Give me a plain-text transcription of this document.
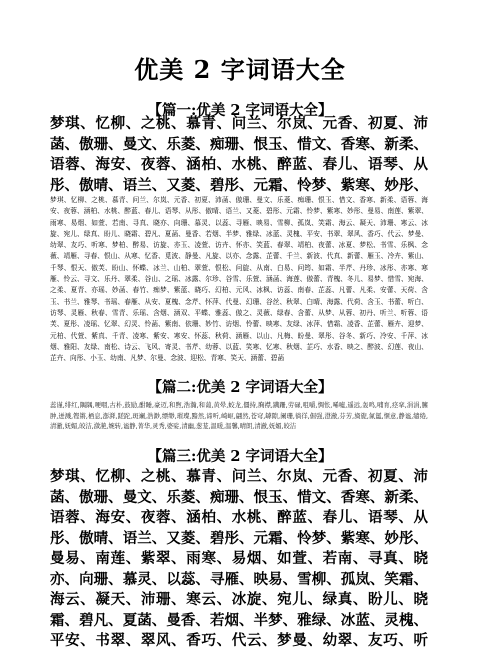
优美 2 字词语大全
【篇一:优美 2 字词语大全】

梦琪、忆柳、之桃、慕青、问兰、尔岚、元香、初夏、沛菡、傲珊、曼文、乐菱、痴珊、恨玉、惜文、香寒、新柔、语蓉、海安、夜蓉、涵柏、水桃、醉蓝、春儿、语琴、从彤、傲晴、语兰、又菱、碧彤、元霜、怜梦、紫寒、妙彤、

梦琪、忆柳、之桃、慕青、问兰、尔岚、元香、初夏、沛菡、傲珊、曼文、乐菱、痴珊、恨玉、惜文、香寒、新柔、语蓉、海安、夜蓉、涵柏、水桃、醉蓝、春儿、语琴、从彤、傲晴、语兰、又菱、碧彤、元霜、怜梦、紫寒、妙彤、曼易、南莲、紫翠、雨寒、易烟、如萱、若南、寻真、晓亦、向珊、慕灵、以蕊、寻雁、映易、雪柳、孤岚、笑霜、海云、凝天、沛珊、寒云、冰旋、宛儿、绿真、盼儿、晓霜、碧凡、夏菡、曼香、若烟、半梦、雅绿、冰蓝、灵槐、平安、书翠、翠风、香巧、代云、梦曼、幼翠、友巧、听寒、梦柏、醉易、访旋、亦玉、凌萱、访卉、怀亦、笑蓝、春翠、靖柏、夜蕾、冰夏、梦松、书雪、乐枫、念薇、靖雁、寻春、恨山、从寒、忆香、觅波、静曼、凡旋、以亦、念露、芷蕾、千兰、新波、代真、新蕾、雁玉、冷卉、紫山、千琴、恨天、傲芙、盼山、怀蝶、冰兰、山柏、翠萱、恨松、问旋、从南、白易、问筠、如霜、半芹、丹珍、冰彤、亦寒、寒雁、怜云、寻文、乐丹、翠柔、谷山、之瑶、冰露、尔珍、谷雪、乐萱、涵菡、海莲、傲蕾、青槐、冬儿、易梦、惜雪、宛海、之柔、夏青、亦瑶、妙菡、春竹、痴梦、紫蓝、晓巧、幻柏、元风、冰枫、访蕊、南春、芷蕊、凡蕾、凡柔、安蕾、天荷、含玉、书兰、雅琴、书瑶、春雁、从安、夏槐、念芹、怀萍、代曼、幻珊、谷丝、秋翠、白晴、海露、代荷、含玉、书蕾、听白、访琴、灵雁、秋春、雪青、乐瑶、含烟、涵双、平蝶、雅蕊、傲之、灵薇、绿春、含蕾、从梦、从蓉、初丹、听兰、听蓉、语芙、夏彤、凌瑶、忆翠、幻灵、怜菡、紫南、依珊、妙竹、访烟、怜蕾、映寒、友绿、冰萍、惜霜、凌香、芷蕾、雁卉、迎梦、元柏、代萱、紫真、千青、凌寒、紫安、寒安、怀蕊、秋荷、涵雁、以山、凡梅、盼曼、翠彤、谷冬、新巧、冷安、千萍、冰烟、雅阳、友绿、南松、诗云、飞风、寄灵、书芹、幼蓉、以蓝、笑寒、忆寒、秋烟、芷巧、水香、映之、醉波、幻莲、夜山、芷卉、向彤、小玉、幼南、凡梦、尔曼、念波、迎松、青寒、笑天、涵蕾、碧菡

【篇二:优美 2 字词语大全】

蕊谨,绯红,隅隅,哽咽,古朴,鼓励,酣睡,豪迈,和煦,浩瀚,和蔼,黄晕,蛟龙,僵持,胸襟,蹒跚,劳碌,咀嚼,惆怅,唏嘘,遥远,轰鸣,哺育,痉挛,涓涓,臃肿,迸溅,铿锵,栖息,澎湃,蹉跎,斑斓,浩渺,缥缈,璀璨,黯然,谛听,崎岖,翩然,苍穹,罅隙,阑珊,徜徉,倔强,澄澈,芬芳,旖旎,氤氲,惬意,静谧,缱绻,清澈,妩媚,皎洁,潋滟,婉转,谧静,菁华,灵秀,婆娑,清幽,葱茏,温暖,温馨,晴朗,清澈,妩媚,皎洁

【篇三:优美 2 字词语大全】

梦琪、忆柳、之桃、慕青、问兰、尔岚、元香、初夏、沛菡、傲珊、曼文、乐菱、痴珊、恨玉、惜文、香寒、新柔、语蓉、海安、夜蓉、涵柏、水桃、醉蓝、春儿、语琴、从彤、傲晴、语兰、又菱、碧彤、元霜、怜梦、紫寒、妙彤、曼易、南莲、紫翠、雨寒、易烟、如萱、若南、寻真、晓亦、向珊、慕灵、以蕊、寻雁、映易、雪柳、孤岚、笑霜、海云、凝天、沛珊、寒云、冰旋、宛儿、绿真、盼儿、晓霜、碧凡、夏菡、曼香、若烟、半梦、雅绿、冰蓝、灵槐、平安、书翠、翠风、香巧、代云、梦曼、幼翠、友巧、听
